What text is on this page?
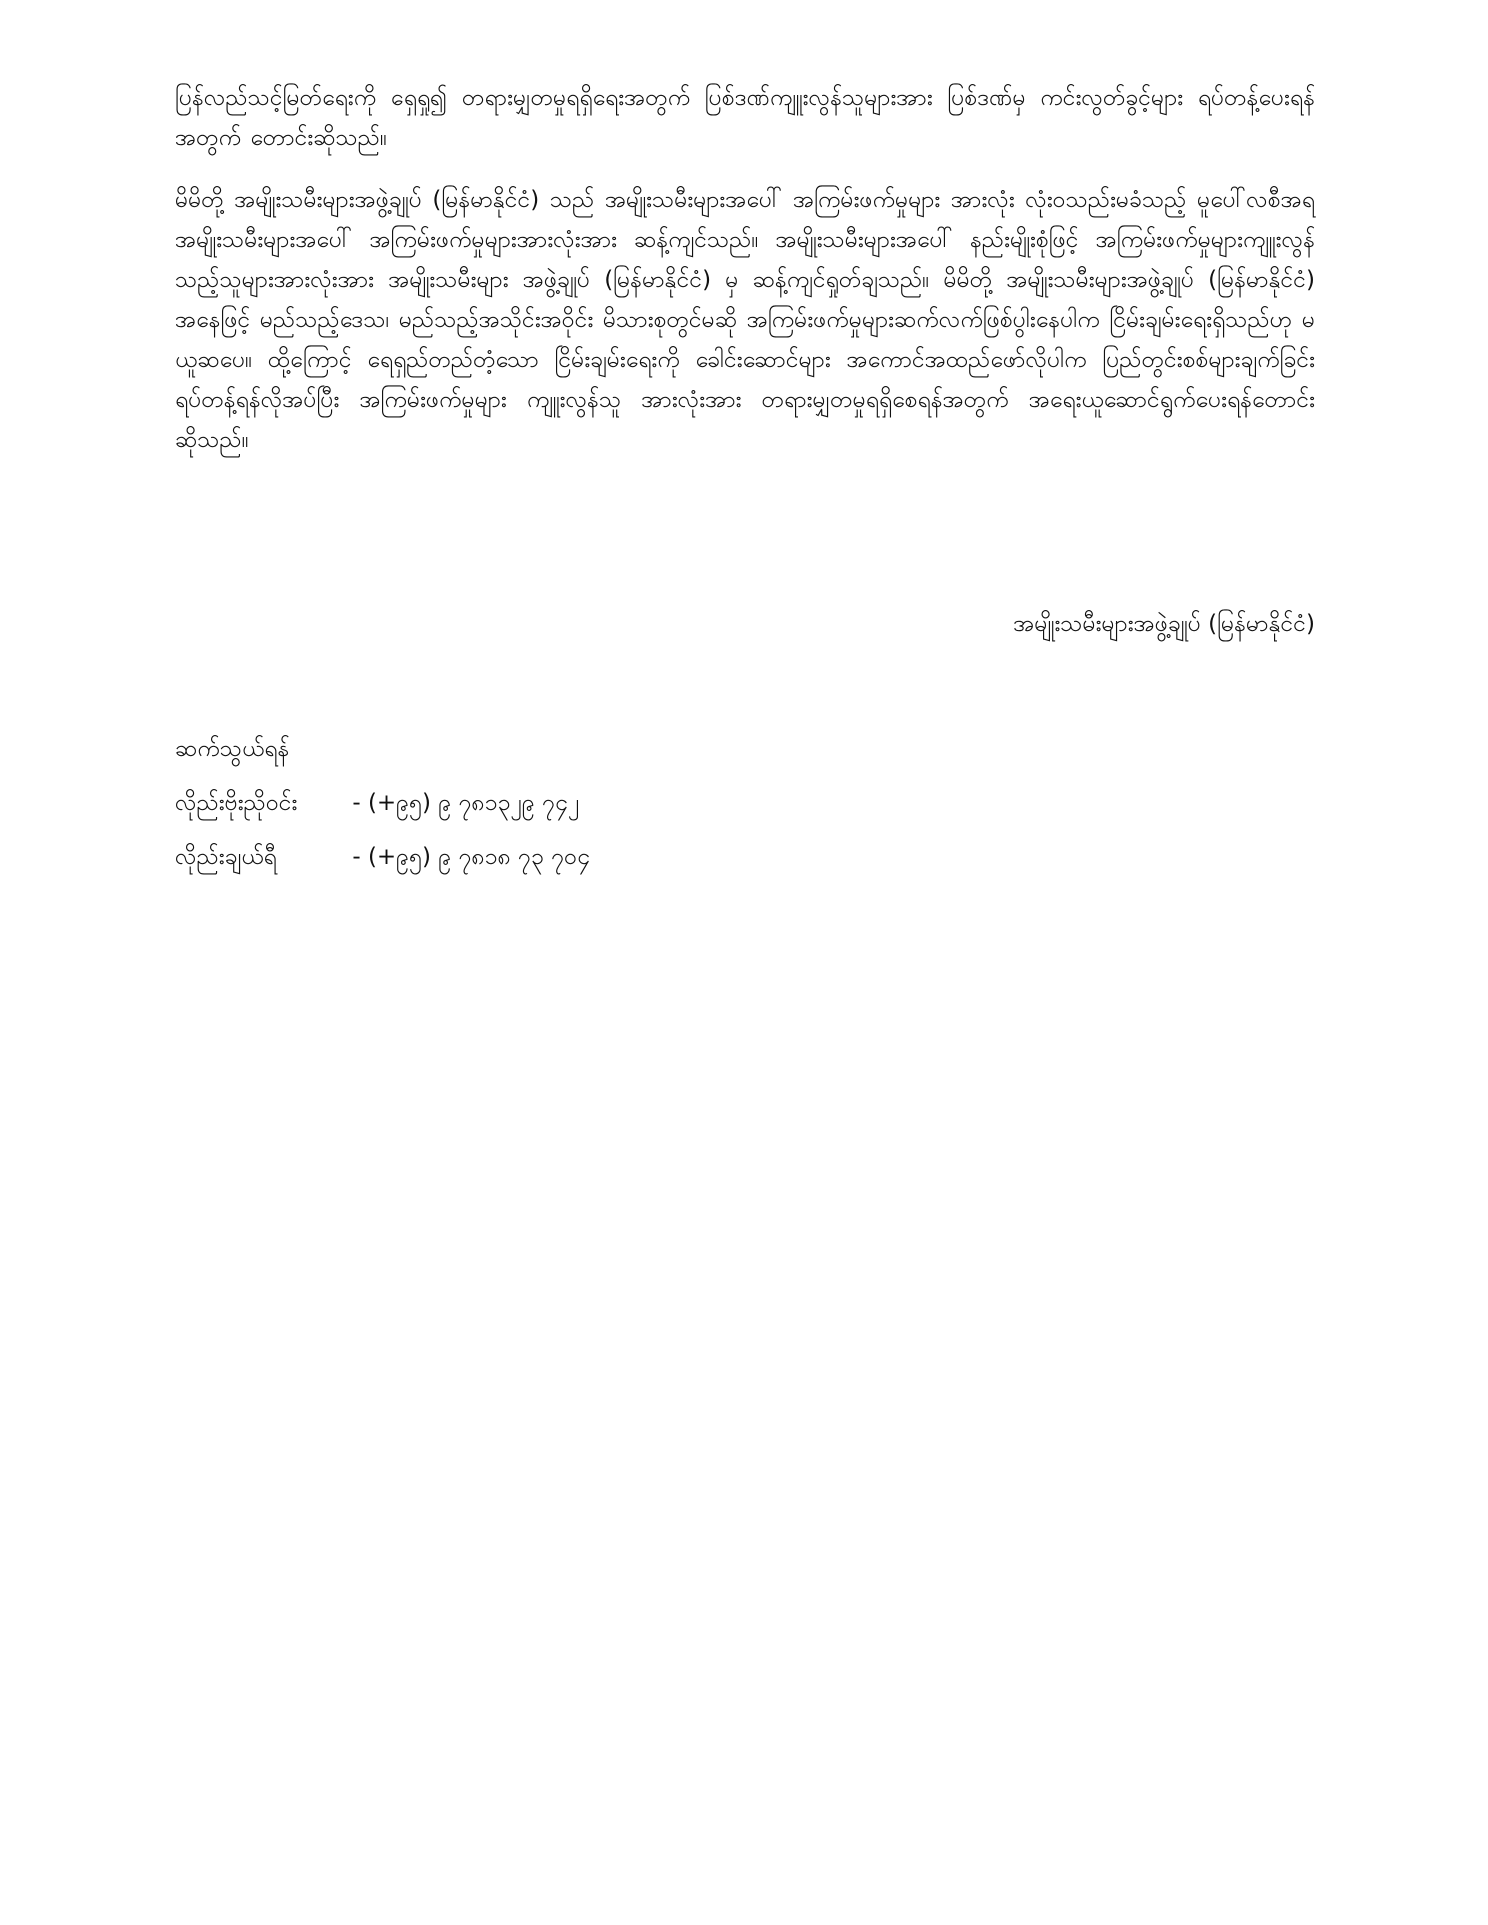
ပြန်လည်သင့်မြတ်ရေးကို ရှေရှု၍ တရားမျှတမှုရရှိရေးအတွက် ပြစ်ဒဏ်ကျူးလွန်သူများအား ပြစ်ဒဏ်မှ ကင်းလွတ်ခွင့်များ ရပ်တန့်ပေးရန် အတွက် တောင်းဆိုသည်။

မိမိတို့ အမျိုးသမီးများအဖွဲ့ချုပ် (မြန်မာနိုင်ငံ) သည် အမျိုးသမီးများအပေါ် အကြမ်းဖက်မှုများ အားလုံး လုံးဝသည်းမခံသည့် မူပေါ်လစီအရ အမျိုးသမီးများအပေါ် အကြမ်းဖက်မှုများအားလုံးအား ဆန့်ကျင်သည်။ အမျိုးသမီးများအပေါ် နည်းမျိုးစုံဖြင့် အကြမ်းဖက်မှုများကျူးလွန်သည့်သူများအားလုံးအား အမျိုးသမီးများ အဖွဲ့ချုပ် (မြန်မာနိုင်ငံ) မှ ဆန့်ကျင်ရှုတ်ချသည်။ မိမိတို့ အမျိုးသမီးများအဖွဲ့ချုပ် (မြန်မာနိုင်ငံ) အနေဖြင့် မည်သည့်ဒေသ၊ မည်သည့်အသိုင်းအဝိုင်း မိသားစုတွင်မဆို အကြမ်းဖက်မှုများဆက်လက်ဖြစ်ပွါးနေပါက ငြိမ်းချမ်းရေးရှိသည်ဟု မယူဆပေ။ ထို့ကြောင့် ရေရှည်တည်တံ့သော ငြိမ်းချမ်းရေးကို ခေါင်းဆောင်များ အကောင်အထည်ဖော်လိုပါက ပြည်တွင်းစစ်များချက်ခြင်းရပ်တန့်ရန်လိုအပ်ပြီး အကြမ်းဖက်မှုများ ကျူးလွန်သူ အားလုံးအား တရားမျှတမှုရရှိစေရန်အတွက် အရေးယူဆောင်ရွက်ပေးရန်တောင်းဆိုသည်။

အမျိုးသမီးများအဖွဲ့ချုပ် (မြန်မာနိုင်ငံ)
ဆက်သွယ်ရန်
လိုည်းဗိုးညိုဝင်း - (+၉၅) ၉ ၇၈၁၃၂၉ ၇၄၂
လိုည်းချယ်ရီ	- (+၉၅) ၉ ၇၈၁၈ ၇၃ ၇၀၄
